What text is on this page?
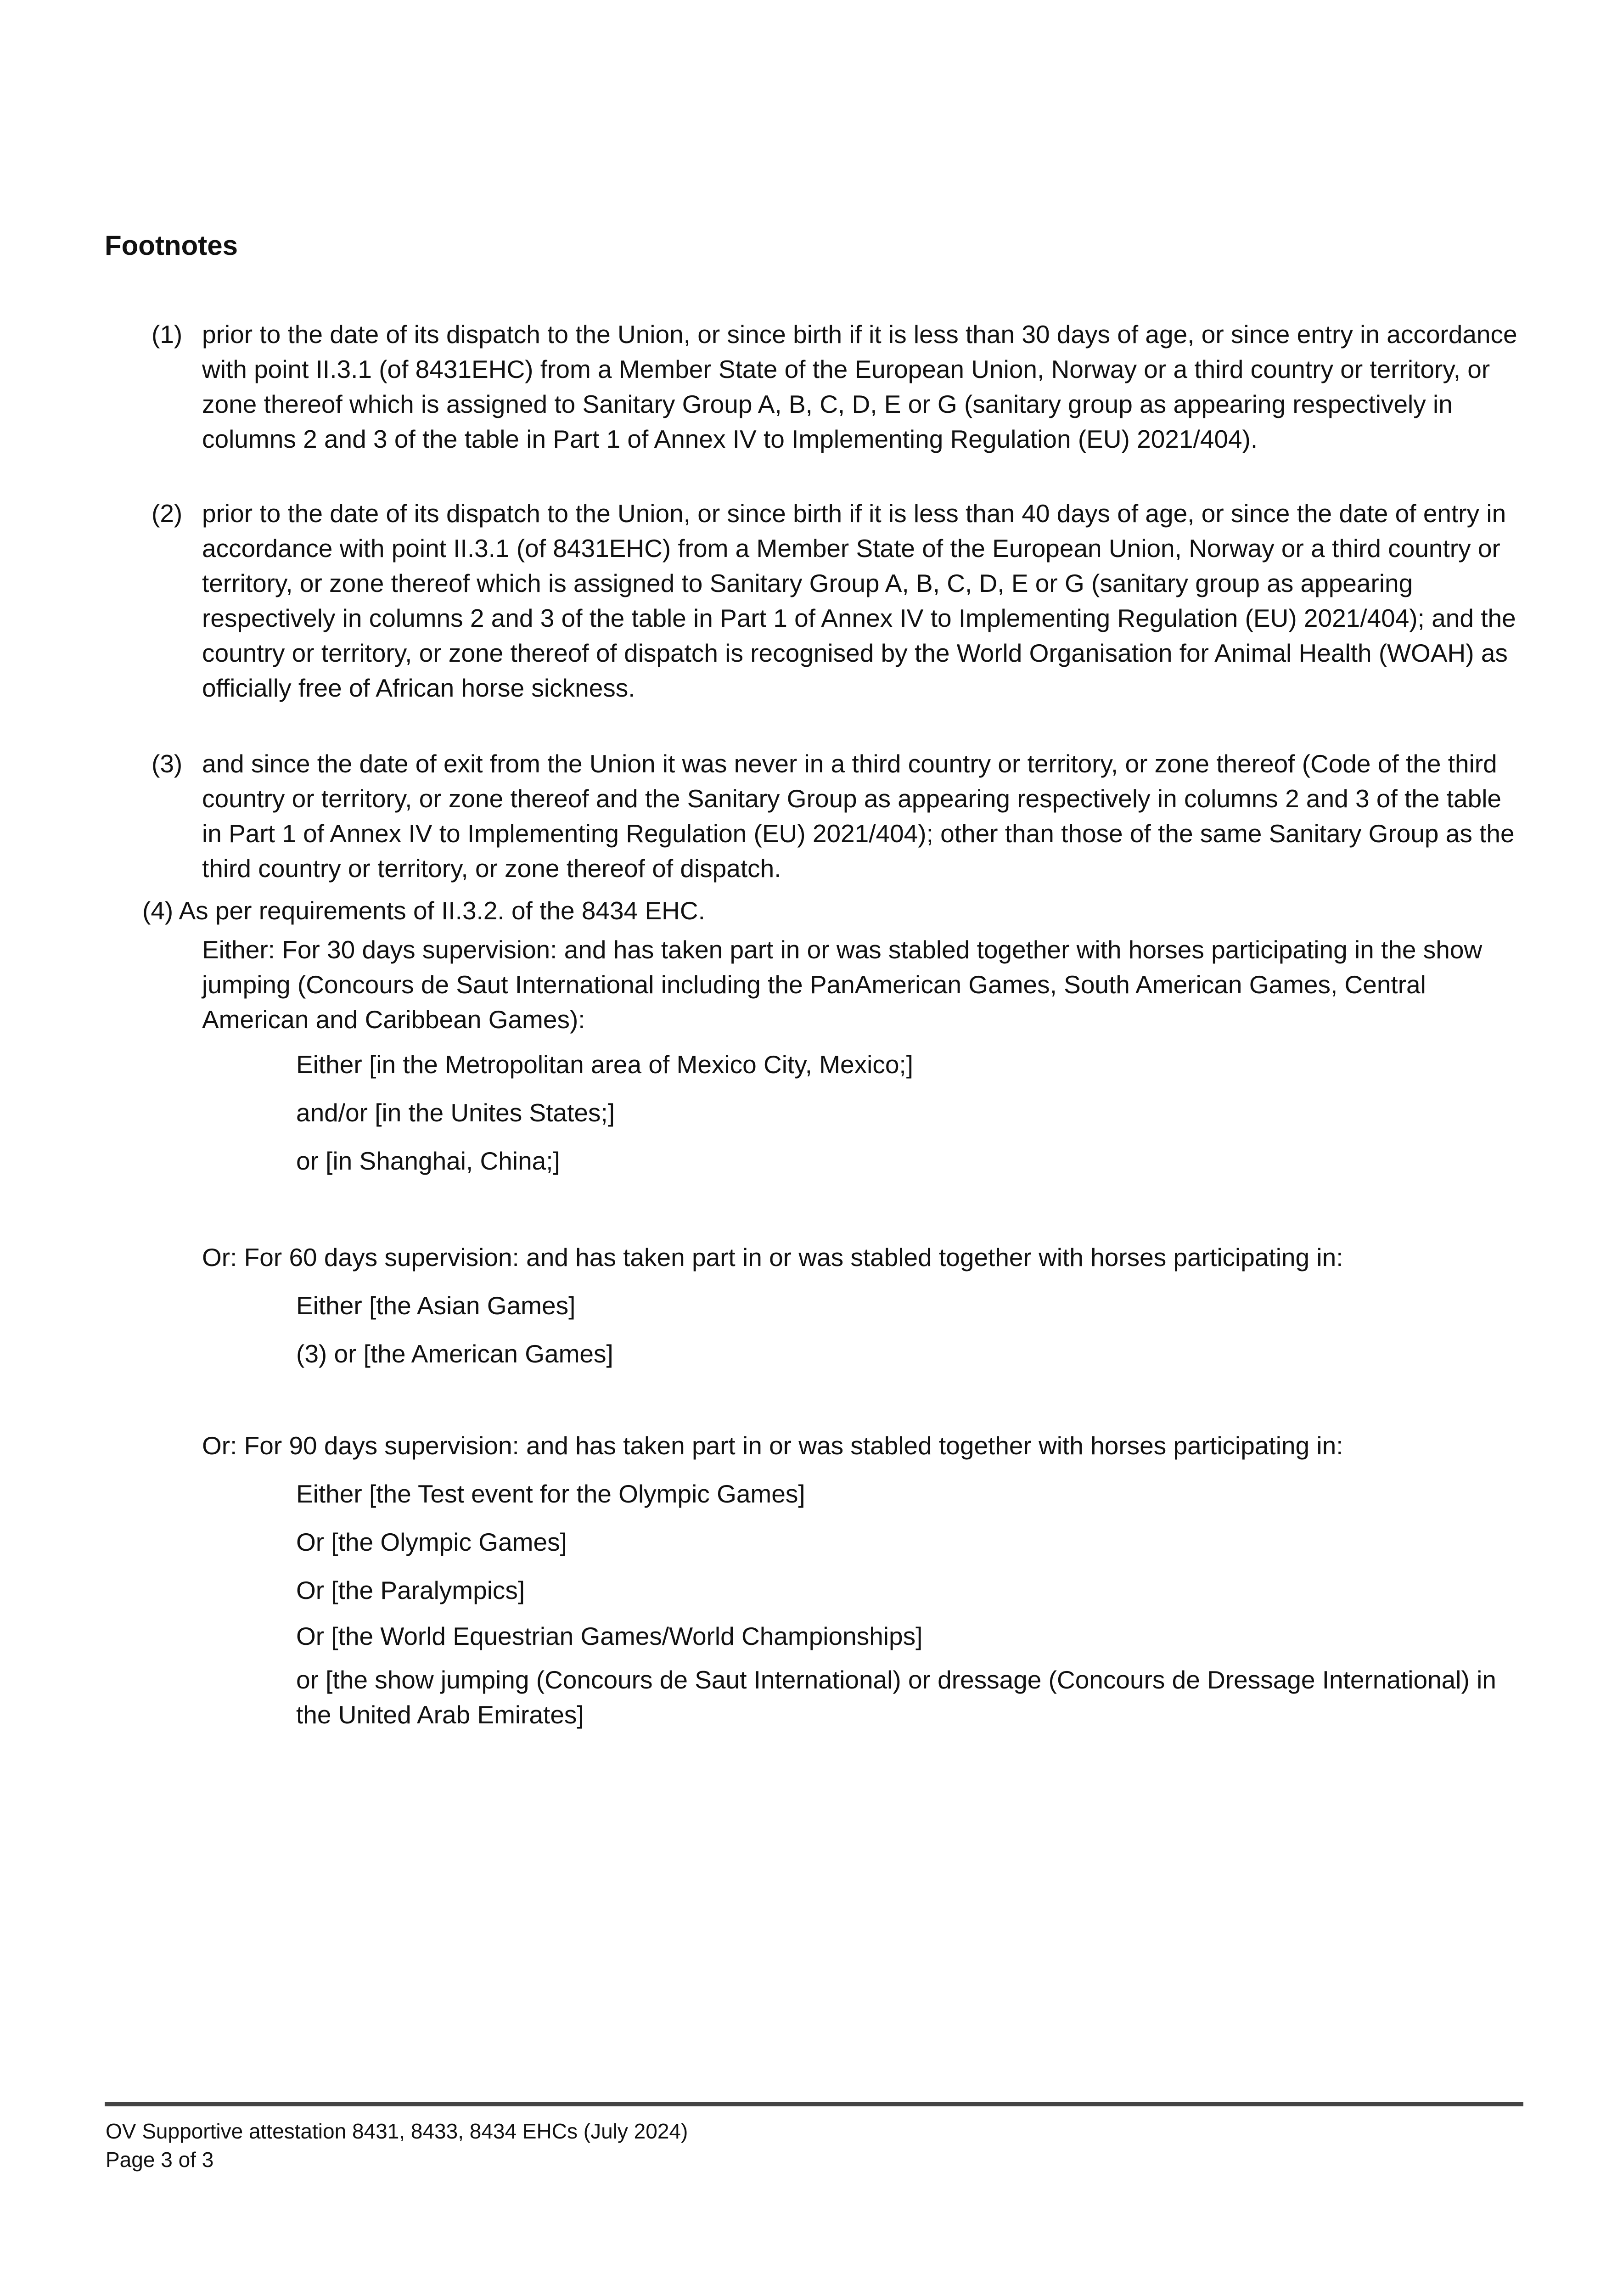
Footnotes
(1) prior to the date of its dispatch to the Union, or since birth if it is less than 30 days of age, or since entry in accordance with point II.3.1 (of 8431EHC) from a Member State of the European Union, Norway or a third country or territory, or zone thereof which is assigned to Sanitary Group A, B, C, D, E or G (sanitary group as appearing respectively in columns 2 and 3 of the table in Part 1 of Annex IV to Implementing Regulation (EU) 2021/404).
(2) prior to the date of its dispatch to the Union, or since birth if it is less than 40 days of age, or since the date of entry in accordance with point II.3.1 (of 8431EHC) from a Member State of the European Union, Norway or a third country or territory, or zone thereof which is assigned to Sanitary Group A, B, C, D, E or G (sanitary group as appearing respectively in columns 2 and 3 of the table in Part 1 of Annex IV to Implementing Regulation (EU) 2021/404); and the country or territory, or zone thereof of dispatch is recognised by the World Organisation for Animal Health (WOAH) as officially free of African horse sickness.
(3) and since the date of exit from the Union it was never in a third country or territory, or zone thereof (Code of the third country or territory, or zone thereof and the Sanitary Group as appearing respectively in columns 2 and 3 of the table in Part 1 of Annex IV to Implementing Regulation (EU) 2021/404); other than those of the same Sanitary Group as the third country or territory, or zone thereof of dispatch.
(4) As per requirements of II.3.2. of the 8434 EHC.
Either: For 30 days supervision: and has taken part in or was stabled together with horses participating in the show jumping (Concours de Saut International including the PanAmerican Games, South American Games, Central American and Caribbean Games):
Either [in the Metropolitan area of Mexico City, Mexico;]
and/or [in the Unites States;]
or [in Shanghai, China;]
Or: For 60 days supervision: and has taken part in or was stabled together with horses participating in:
Either [the Asian Games]
(3) or [the American Games]
Or: For 90 days supervision: and has taken part in or was stabled together with horses participating in:
Either [the Test event for the Olympic Games]
Or [the Olympic Games]
Or [the Paralympics]
Or [the World Equestrian Games/World Championships]
or [the show jumping (Concours de Saut International) or dressage (Concours de Dressage International) in the United Arab Emirates]
OV Supportive attestation 8431, 8433, 8434 EHCs (July 2024)
Page 3 of 3
